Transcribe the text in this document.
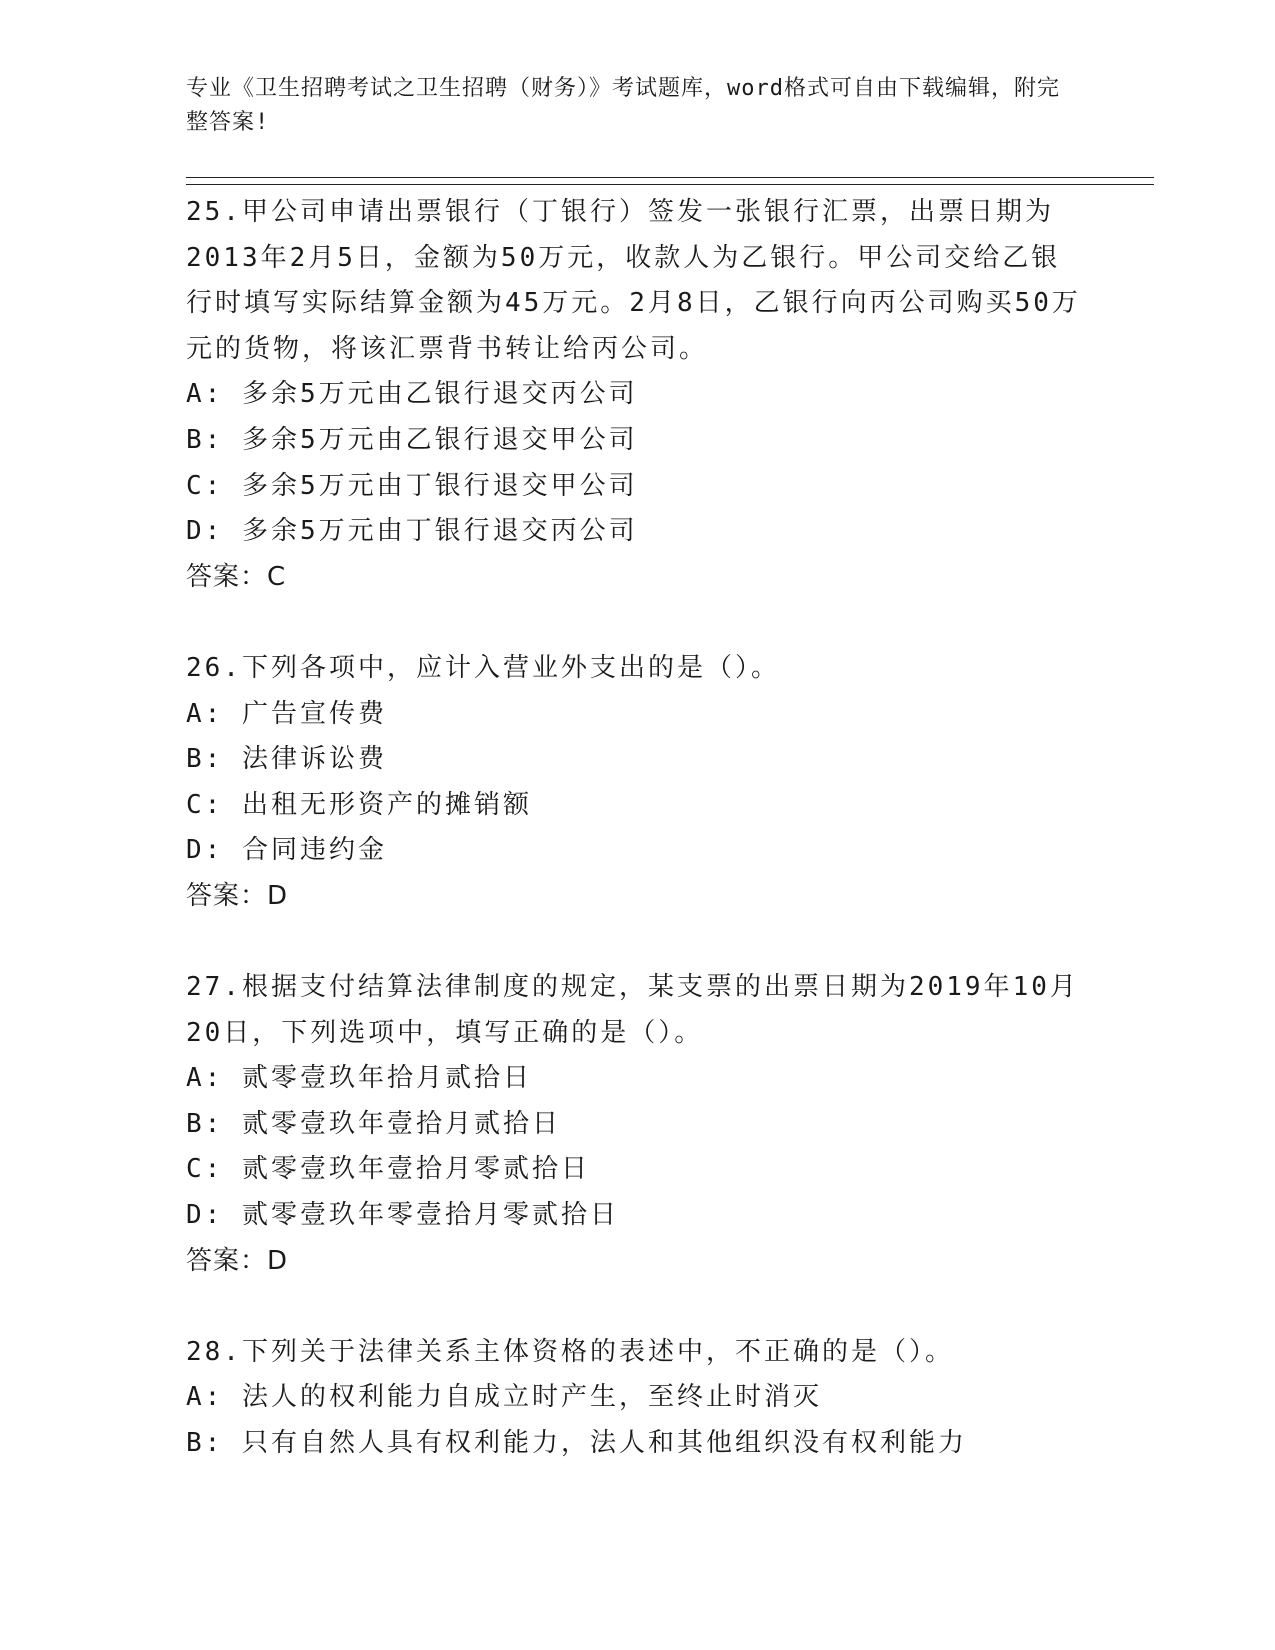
专业《卫生招聘考试之卫生招聘（财务）》考试题库，word格式可自由下载编辑，附完整答案!

25.甲公司申请出票银行（丁银行）签发一张银行汇票，出票日期为2013年2月5日，金额为50万元，收款人为乙银行。甲公司交给乙银行时填写实际结算金额为45万元。2月8日，乙银行向丙公司购买50万元的货物，将该汇票背书转让给丙公司。

A: 多余5万元由乙银行退交丙公司

B: 多余5万元由乙银行退交甲公司

C: 多余5万元由丁银行退交甲公司

D: 多余5万元由丁银行退交丙公司

答案：C

26.下列各项中，应计入营业外支出的是（）。

A: 广告宣传费

B: 法律诉讼费

C: 出租无形资产的摊销额

D: 合同违约金

答案：D

27.根据支付结算法律制度的规定，某支票的出票日期为2019年10月20日，下列选项中，填写正确的是（）。

A: 贰零壹玖年拾月贰拾日

B: 贰零壹玖年壹拾月贰拾日

C: 贰零壹玖年壹拾月零贰拾日

D: 贰零壹玖年零壹拾月零贰拾日

答案：D

28.下列关于法律关系主体资格的表述中，不正确的是（）。

A: 法人的权利能力自成立时产生，至终止时消灭

B: 只有自然人具有权利能力，法人和其他组织没有权利能力
